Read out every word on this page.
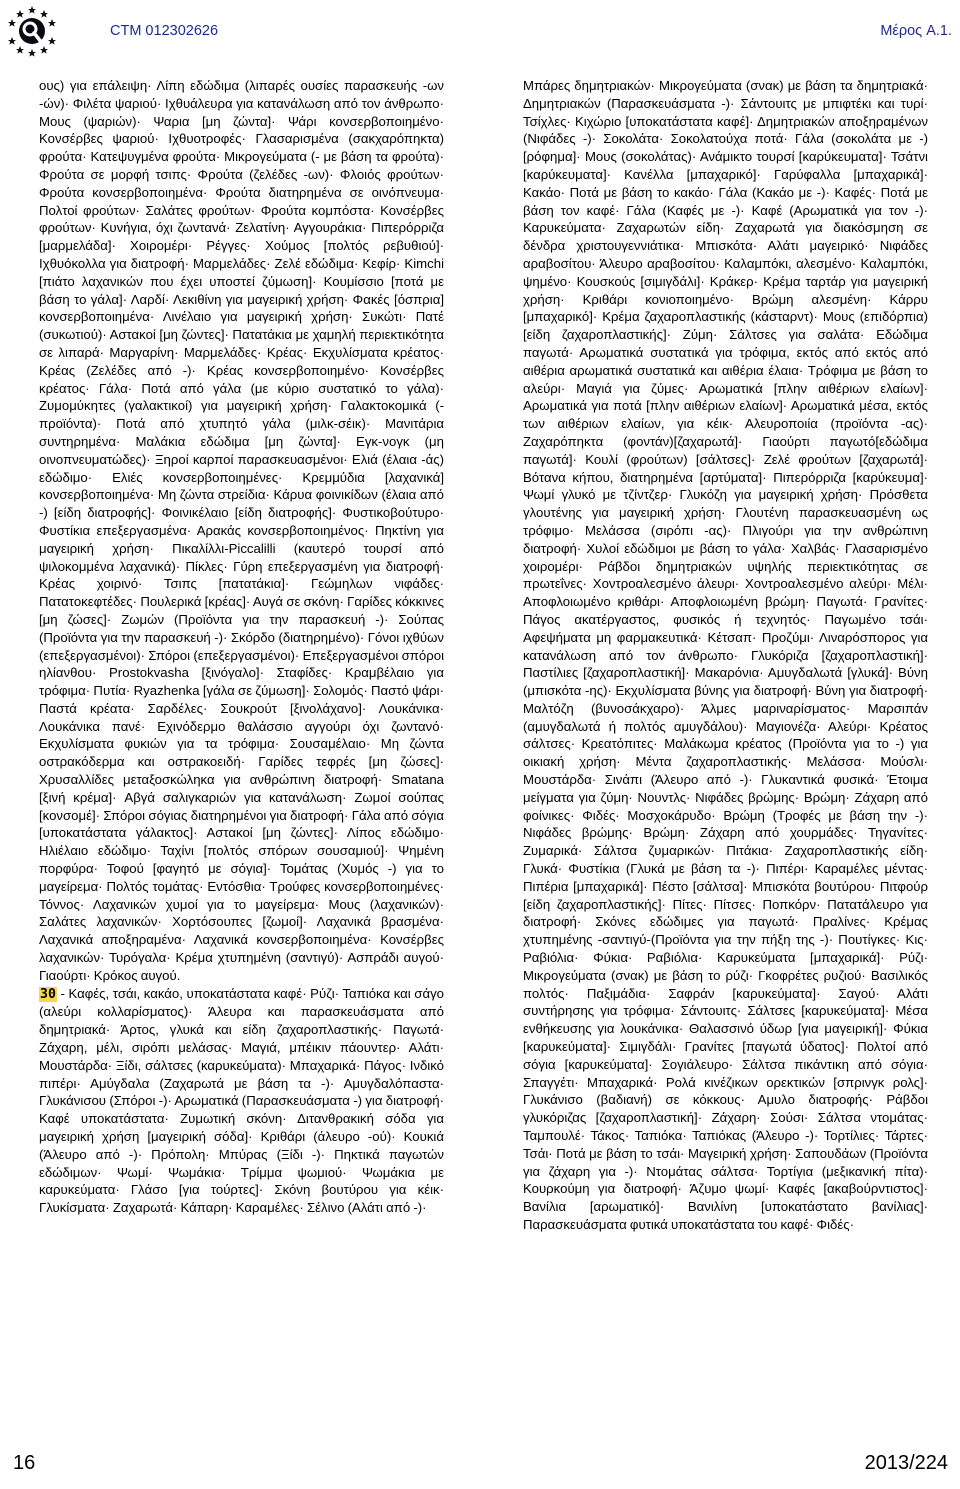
CTM 012302626	Μέρος A.1.

ους) για επάλειψη· Λίπη εδώδιμα (λιπαρές ουσίες παρασκευής -ων -ών)· Φιλέτα ψαριού· Ιχθυάλευρα για κατανάλωση από τον άνθρωπο· Μους (ψαριών)· Ψαρια [μη ζώντα]· Ψάρι κονσερβοποιημένο· Κονσέρβες ψαριού· Ιχθυοτροφές· Γλασαρισμένα (σακχαρόπηκτα) φρούτα· Κατεψυγμένα φρούτα· Μικρογεύματα (- με βάση τα φρούτα)· Φρούτα σε μορφή τσιπς· Φρούτα (ζελέδες -ων)· Φλοιός φρούτων· Φρούτα κονσερβοποιημένα· Φρούτα διατηρημένα σε οινόπνευμα· Πολτοί φρούτων· Σαλάτες φρούτων· Φρούτα κομπόστα· Κονσέρβες φρούτων· Κυνήγια, όχι ζωντανά· Ζελατίνη· Αγγουράκια· Πιπερόρριζα [μαρμελάδα]· Χοιρομέρι· Ρέγγες· Χούμος [πολτός ρεβυθιού]· Ιχθυόκολλα για διατροφή· Μαρμελάδες· Ζελέ εδώδιμα· Κεφίρ· Kimchi [πιάτο λαχανικών που έχει υποστεί ζύμωση]· Κουμίσσιο [ποτά με βάση το γάλα]· Λαρδί· Λεκιθίνη για μαγειρική χρήση· Φακές [όσπρια] κονσερβοποιημένα· Λινέλαιο για μαγειρική χρήση· Συκώτι· Πατέ (συκωτιού)· Αστακοί [μη ζώντες]· Πατατάκια με χαμηλή περιεκτικότητα σε λιπαρά· Μαργαρίνη· Μαρμελάδες· Κρέας· Εκχυλίσματα κρέατος· Κρέας (Ζελέδες από -)· Κρέας κονσερβοποιημένο· Κονσέρβες κρέατος· Γάλα· Ποτά από γάλα (με κύριο συστατικό το γάλα)· Ζυμομύκητες (γαλακτικοί) για μαγειρική χρήση· Γαλακτοκομικά (- προϊόντα)· Ποτά από χτυπητό γάλα (μιλκ-σέικ)· Μανιτάρια συντηρημένα· Μαλάκια εδώδιμα [μη ζώντα]· Εγκ-νογκ (μη οινοπνευματώδες)· Ξηροί καρποί παρασκευασμένοι· Ελιά (έλαια -άς) εδώδιμο· Ελιές κονσερβοποιημένες· Κρεμμύδια [λαχανικά] κονσερβοποιημένα· Μη ζώντα στρείδια· Κάρυα φοινικίδων (έλαια από -) [είδη διατροφής]· Φοινικέλαιο [είδη διατροφής]· Φυστικοβούτυρο· Φυστίκια επεξεργασμένα· Αρακάς κονσερβοποιημένος· Πηκτίνη για μαγειρική χρήση· Πικαλίλλι-Piccalilli (καυτερό τουρσί από ψιλοκομμένα λαχανικά)· Πίκλες· Γύρη επεξεργασμένη για διατροφή· Κρέας χοιρινό· Τσιπς [πατατάκια]· Γεώμηλων νιφάδες· Πατατοκεφτέδες· Πουλερικά [κρέας]· Αυγά σε σκόνη· Γαρίδες κόκκινες [μη ζώσες]· Ζωμών (Προϊόντα για την παρασκευή -)· Σούπας (Προϊόντα για την παρασκευή -)· Σκόρδο (διατηρημένο)· Γόνοι ιχθύων (επεξεργασμένοι)· Σπόροι (επεξεργασμένοι)· Επεξεργασμένοι σπόροι ηλίανθου· Prostokvasha [ξινόγαλο]· Σταφίδες· Κραμβέλαιο για τρόφιμα· Πυτία· Ryazhenka [γάλα σε ζύμωση]· Σολομός· Παστό ψάρι· Παστά κρέατα· Σαρδέλες· Σουκρούτ [ξινολάχανο]· Λουκάνικα· Λουκάνικα πανέ· Εχινόδερμο θαλάσσιο αγγούρι όχι ζωντανό· Εκχυλίσματα φυκιών για τα τρόφιμα· Σουσαμέλαιο· Μη ζώντα οστρακόδερμα και οστρακοειδή· Γαρίδες τεφρές [μη ζώσες]· Χρυσαλλίδες μεταξοσκώληκα για ανθρώπινη διατροφή· Smatana [ξινή κρέμα]· Αβγά σαλιγκαριών για κατανάλωση· Ζωμοί σούπας [κονσομέ]· Σπόροι σόγιας διατηρημένοι για διατροφή· Γάλα από σόγια [υποκατάστατα γάλακτος]· Αστακοί [μη ζώντες]· Λίπος εδώδιμο· Ηλιέλαιο εδώδιμο· Ταχίνι [πολτός σπόρων σουσαμιού]· Ψημένη πορφύρα· Τοφού [φαγητό με σόγια]· Τομάτας (Χυμός -) για το μαγείρεμα· Πολτός τομάτας· Εντόσθια· Τρούφες κονσερβοποιημένες· Τόννος· Λαχανικών χυμοί για το μαγείρεμα· Μους (λαχανικών)· Σαλάτες λαχανικών· Χορτόσουπες [ζωμοί]· Λαχανικά βρασμένα· Λαχανικά αποξηραμένα· Λαχανικά κονσερβοποιημένα· Κονσέρβες λαχανικών· Τυρόγαλα· Κρέμα χτυπημένη (σαντιγύ)· Ασπράδι αυγού· Γιαούρτι· Κρόκος αυγού.

30 - Καφές, τσάι, κακάο, υποκατάστατα καφέ· Ρύζι· Ταπιόκα και σάγο (αλεύρι κολλαρίσματος)· Άλευρα και παρασκευάσματα από δημητριακά· Άρτος, γλυκά και είδη ζαχαροπλαστικής· Παγωτά· Ζάχαρη, μέλι, σιρόπι μελάσας· Μαγιά, μπέικιν πάουντερ· Αλάτι· Μουστάρδα· Ξίδι, σάλτσες (καρυκεύματα)· Μπαχαρικά· Πάγος· Ινδικό πιπέρι· Αμύγδαλα (Ζαχαρωτά με βάση τα -)· Αμυγδαλόπαστα· Γλυκάνισου (Σπόροι -)· Αρωματικά (Παρασκευάσματα -) για διατροφή· Καφέ υποκατάστατα· Ζυμωτική σκόνη· Διτανθρακική σόδα για μαγειρική χρήση [μαγειρική σόδα]· Κριθάρι (άλευρο -ού)· Κουκιά (Άλευρο από -)· Πρόπολη· Μπύρας (Ξίδι -)· Πηκτικά παγωτών εδώδιμων· Ψωμί· Ψωμάκια· Τρίμμα ψωμιού· Ψωμάκια με καρυκεύματα· Γλάσο [για τούρτες]· Σκόνη βουτύρου για κέικ· Γλυκίσματα· Ζαχαρωτά· Κάπαρη· Καραμέλες· Σέλινο (Αλάτι από -)·

Μπάρες δημητριακών· Μικρογεύματα (σνακ) με βάση τα δημητριακά· Δημητριακών (Παρασκευάσματα -)· Σάντουιτς με μπιφτέκι και τυρί· Τσίχλες· Κιχώριο [υποκατάστατα καφέ]· Δημητριακών αποξηραμένων (Νιφάδες -)· Σοκολάτα· Σοκολατούχα ποτά· Γάλα (σοκολάτα με -) [ρόφημα]· Μους (σοκολάτας)· Ανάμικτο τουρσί [καρύκευματα]· Τσάτνι [καρύκευματα]· Κανέλλα [μπαχαρικό]· Γαρύφαλλα [μπαχαρικά]· Κακάο· Ποτά με βάση το κακάο· Γάλα (Κακάο με -)· Καφές· Ποτά με βάση τον καφέ· Γάλα (Καφές με -)· Καφέ (Αρωματικά για τον -)· Καρυκεύματα· Ζαχαρωτών είδη· Ζαχαρωτά για διακόσμηση σε δένδρα χριστουγεννιάτικα· Μπισκότα· Αλάτι μαγειρικό· Νιφάδες αραβοσίτου· Άλευρο αραβοσίτου· Καλαμπόκι, αλεσμένο· Καλαμπόκι, ψημένο· Κουσκούς [σιμιγδάλι]· Κράκερ· Κρέμα ταρτάρ για μαγειρική χρήση· Κριθάρι κονιοποιημένο· Βρώμη αλεσμένη· Κάρρυ [μπαχαρικό]· Κρέμα ζαχαροπλαστικής (κάσταρντ)· Μους (επιδόρπια) [είδη ζαχαροπλαστικής]· Ζύμη· Σάλτσες για σαλάτα· Εδώδιμα παγωτά· Αρωματικά συστατικά για τρόφιμα, εκτός από εκτός από αιθέρια αρωματικά συστατικά και αιθέρια έλαια· Τρόφιμα με βάση το αλεύρι· Μαγιά για ζύμες· Αρωματικά [πλην αιθέριων ελαίων]· Αρωματικά για ποτά [πλην αιθέριων ελαίων]· Αρωματικά μέσα, εκτός των αιθέριων ελαίων, για κέικ· Αλευροποιία (προϊόντα -ας)· Ζαχαρόπηκτα (φοντάν)[ζαχαρωτά]· Γιαούρτι παγωτό[εδώδιμα παγωτά]· Κουλί (φρούτων) [σάλτσες]· Ζελέ φρούτων [ζαχαρωτά]· Βότανα κήπου, διατηρημένα [αρτύματα]· Πιπερόρριζα [καρύκευμα]· Ψωμί γλυκό με τζίντζερ· Γλυκόζη για μαγειρική χρήση· Πρόσθετα γλουτένης για μαγειρική χρήση· Γλουτένη παρασκευασμένη ως τρόφιμο· Μελάσσα (σιρόπι -ας)· Πλιγούρι για την ανθρώπινη διατροφή· Χυλοί εδώδιμοι με βάση το γάλα· Χαλβάς· Γλασαρισμένο χοιρομέρι· Ράβδοι δημητριακών υψηλής περιεκτικότητας σε πρωτεΐνες· Χοντροαλεσμένο άλευρι· Χοντροαλεσμένο αλεύρι· Μέλι· Αποφλοιωμένο κριθάρι· Αποφλοιωμένη βρώμη· Παγωτά· Γρανίτες· Πάγος ακατέργαστος, φυσικός ή τεχνητός· Παγωμένο τσάι· Αφεψήματα μη φαρμακευτικά· Κέτσαπ· Προζύμι· Λιναρόσπορος για κατανάλωση από τον άνθρωπο· Γλυκόριζα [ζαχαροπλαστική]· Παστίλιες [ζαχαροπλαστική]· Μακαρόνια· Αμυγδαλωτά [γλυκά]· Βύνη (μπισκότα -ης)· Εκχυλίσματα βύνης για διατροφή· Βύνη για διατροφή· Μαλτόζη (βυνοσάκχαρο)· Άλμες μαριναρίσματος· Μαρσιπάν (αμυγδαλωτά ή πολτός αμυγδάλου)· Μαγιονέζα· Αλεύρι· Κρέατος σάλτσες· Κρεατόπιτες· Μαλάκωμα κρέατος (Προϊόντα για το -) για οικιακή χρήση· Μέντα ζαχαροπλαστικής· Μελάσσα· Μούσλι· Μουστάρδα· Σινάπι (Άλευρο από -)· Γλυκαντικά φυσικά· Έτοιμα μείγματα για ζύμη· Νουντλς· Νιφάδες βρώμης· Βρώμη· Ζάχαρη από φοίνικες· Φιδές· Μοσχοκάρυδο· Βρώμη (Τροφές με βάση την -)· Νιφάδες βρώμης· Βρώμη· Ζάχαρη από χουρμάδες· Τηγανίτες· Ζυμαρικά· Σάλτσα ζυμαρικών· Πιτάκια· Ζαχαροπλαστικής είδη· Γλυκά· Φυστίκια (Γλυκά με βάση τα -)· Πιπέρι· Καραμέλες μέντας· Πιπέρια [μπαχαρικά]· Πέστο [σάλτσα]· Μπισκότα βουτύρου· Πιτφούρ [είδη ζαχαροπλαστικής]· Πίτες· Πίτσες· Ποπκόρν· Πατατάλευρο για διατροφή· Σκόνες εδώδιμες για παγωτά· Πραλίνες· Κρέμας χτυπημένης -σαντιγύ-(Προϊόντα για την πήξη της -)· Πουτίγκες· Κις· Ραβιόλια· Φύκια· Ραβιόλια· Καρυκεύματα [μπαχαρικά]· Ρύζι· Μικρογεύματα (σνακ) με βάση το ρύζι· Γκοφρέτες ρυζιού· Βασιλικός πολτός· Παξιμάδια· Σαφράν [καρυκεύματα]· Σαγού· Αλάτι συντήρησης για τρόφιμα· Σάντουιτς· Σάλτσες [καρυκεύματα]· Μέσα ενθήκευσης για λουκάνικα· Θαλασσινό ύδωρ [για μαγειρική]· Φύκια [καρυκεύματα]· Σιμιγδάλι· Γρανίτες [παγωτά ύδατος]· Πολτοί από σόγια [καρυκεύματα]· Σογιάλευρο· Σάλτσα πικάντικη από σόγια· Σπαγγέτι· Μπαχαρικά· Ρολά κινέζικων ορεκτικών [σπρινγκ ρολς]· Γλυκάνισο (βαδιανή) σε κόκκους· Αμυλο διατροφής· Ράβδοι γλυκόριζας [ζαχαροπλαστική]· Ζάχαρη· Σούσι· Σάλτσα ντομάτας· Ταμπουλέ· Τάκος· Ταπιόκα· Ταπιόκας (Άλευρο -)· Τορτίλιες· Τάρτες· Τσάι· Ποτά με βάση το τσάι· Μαγειρική χρήση· Σαπουδάων (Προϊόντα για ζάχαρη για -)· Ντομάτας σάλτσα· Τορτίγια (μεξικανική πίτα)· Κουρκούμη για διατροφή· Άζυμο ψωμί· Καφές [ακαβούρντιστος]· Βανίλια [αρωματικό]· Βανιλίνη [υποκατάστατο βανίλιας]· Παρασκευάσματα φυτικά υποκατάστατα του καφέ· Φιδές·

16	2013/224
